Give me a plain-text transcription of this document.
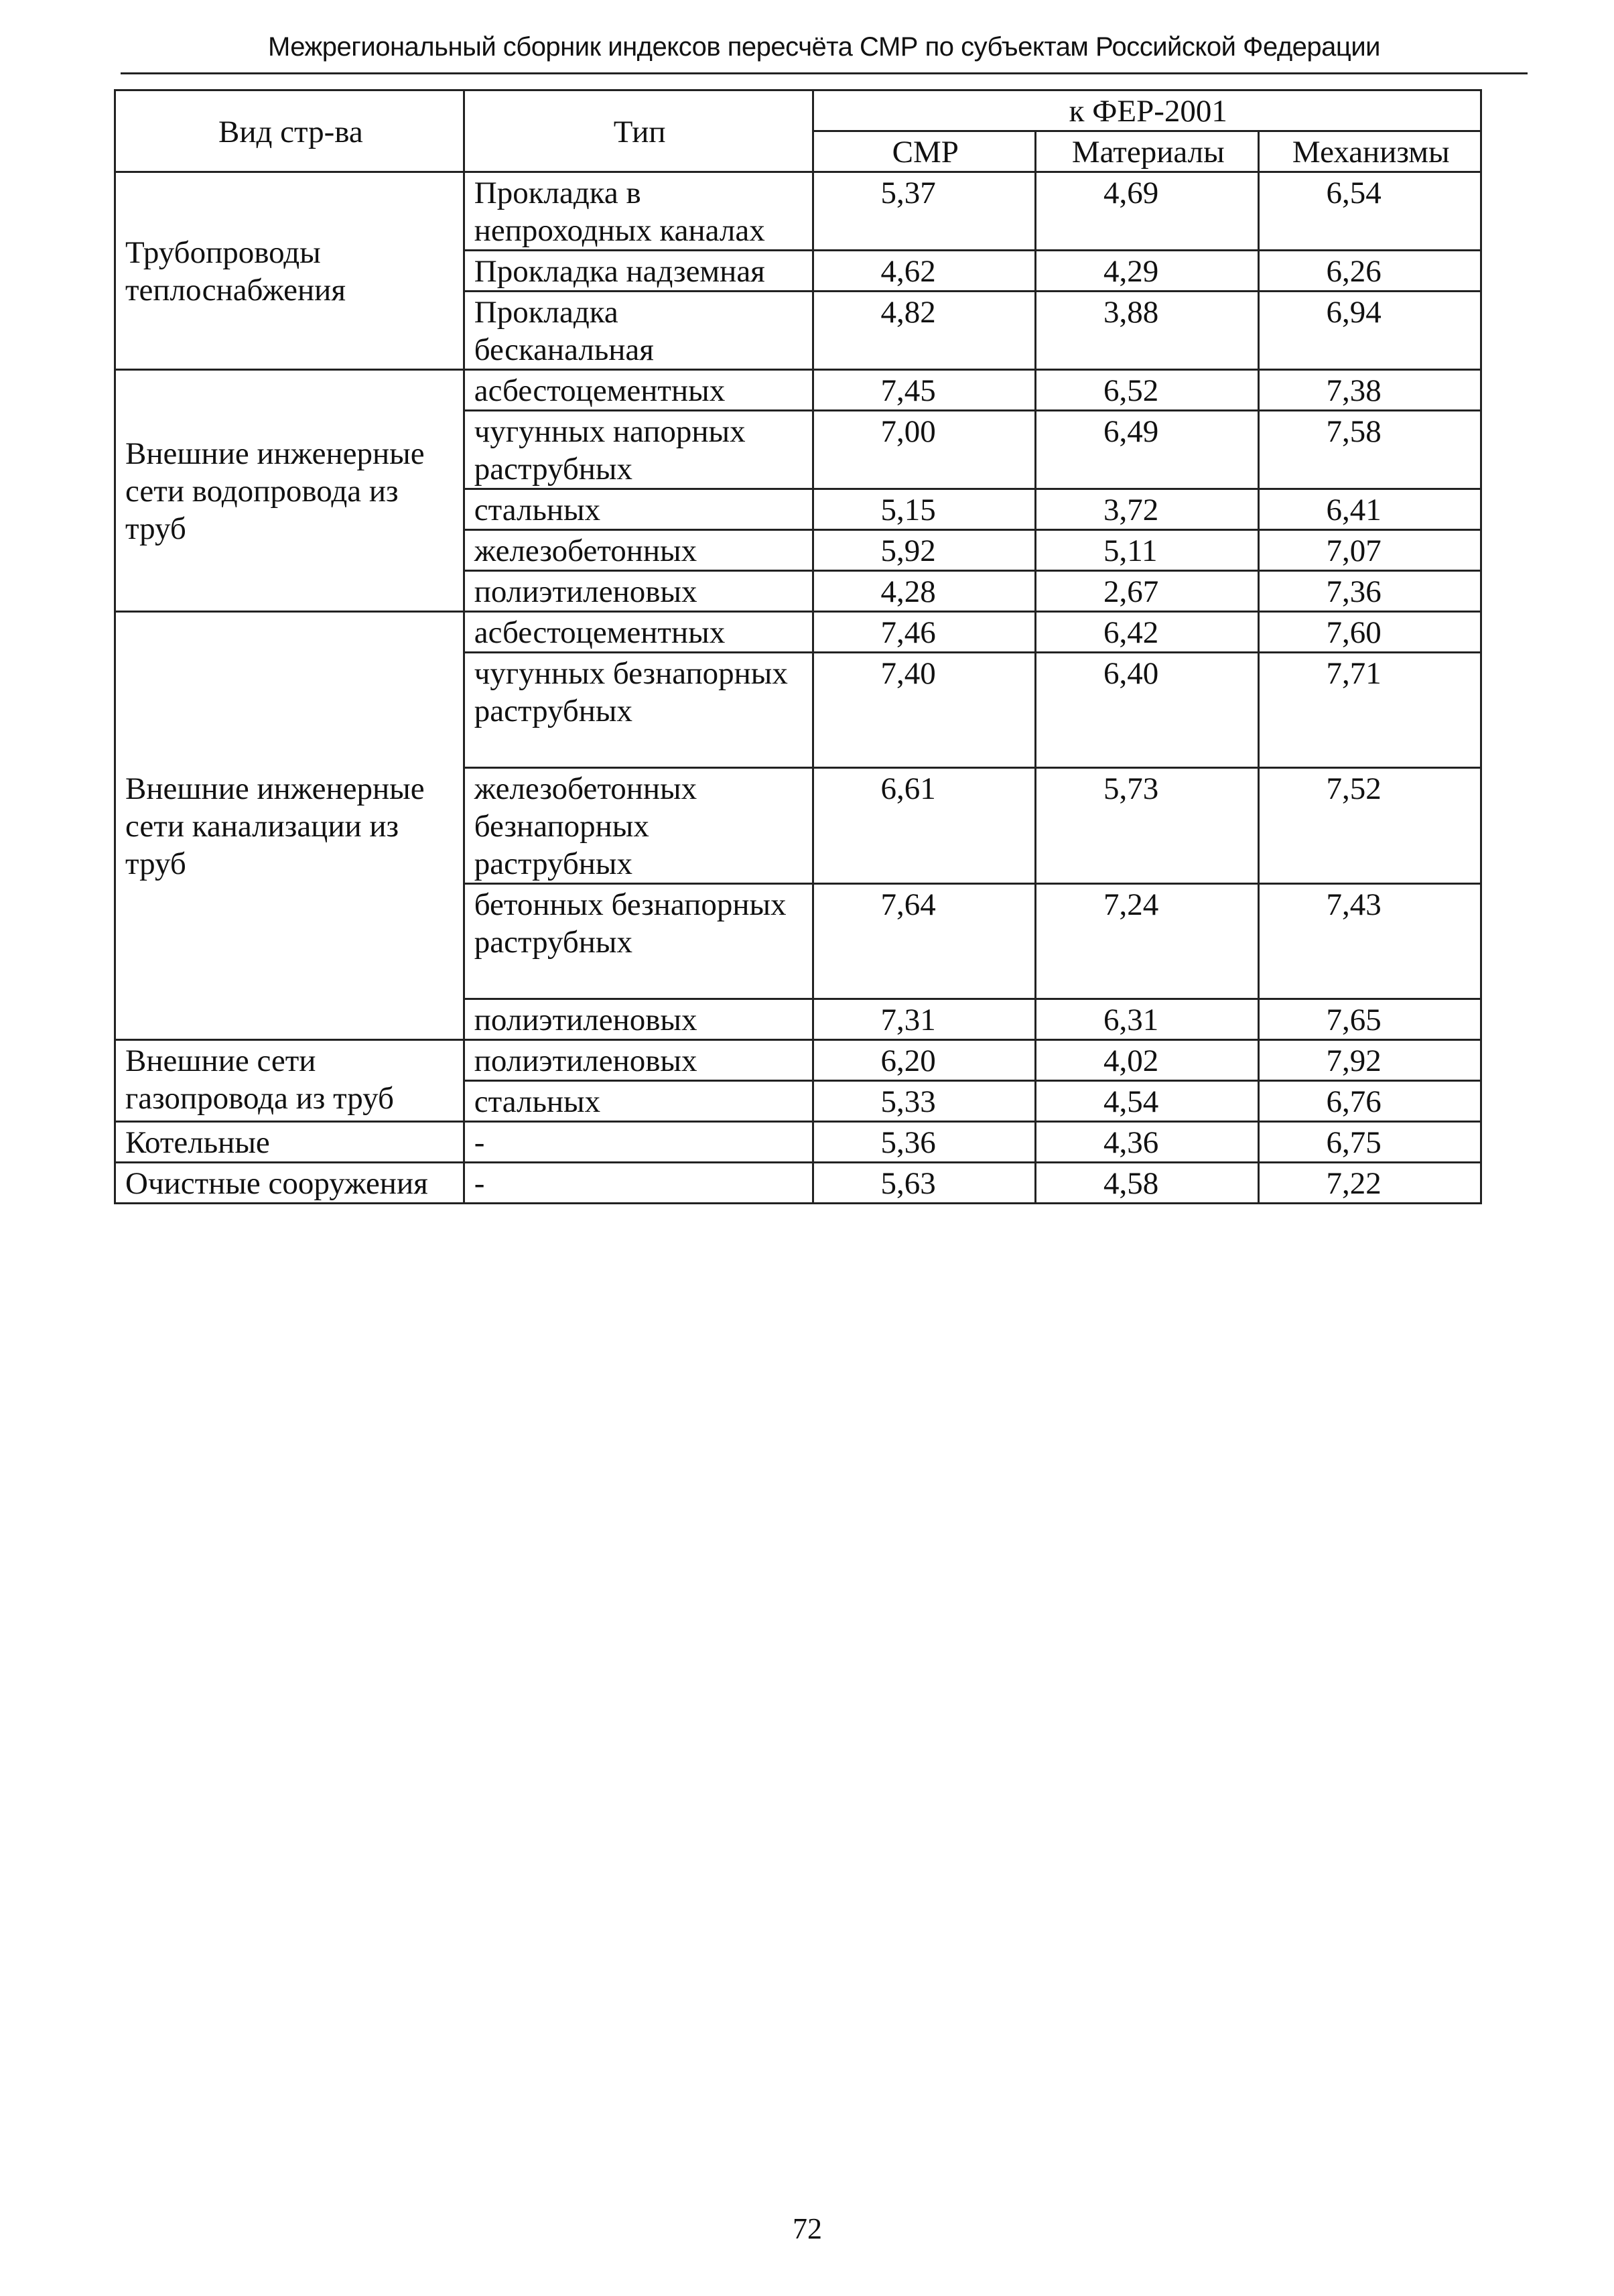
Межрегиональный сборник индексов пересчёта СМР по субъектам Российской Федерации
Вид стр-ва	Тип	к ФЕР-2001		
		СМР	Материалы	Механизмы
Трубопроводы теплоснабжения	Прокладка в непроходных каналах	5,37	4,69	6,54
	Прокладка надземная	4,62	4,29	6,26
	Прокладка бесканальная	4,82	3,88	6,94
Внешние инженерные сети водопровода из труб	асбестоцементных	7,45	6,52	7,38
	чугунных напорных раструбных	7,00	6,49	7,58
	стальных	5,15	3,72	6,41
	железобетонных	5,92	5,11	7,07
	полиэтиленовых	4,28	2,67	7,36
Внешние инженерные сети канализации из труб	асбестоцементных	7,46	6,42	7,60
	чугунных безнапорных раструбных	7,40	6,40	7,71
	железобетонных безнапорных раструбных	6,61	5,73	7,52
	бетонных безнапорных раструбных	7,64	7,24	7,43
	полиэтиленовых	7,31	6,31	7,65
Внешние сети газопровода из труб	полиэтиленовых	6,20	4,02	7,92
	стальных	5,33	4,54	6,76
Котельные	-	5,36	4,36	6,75
Очистные сооружения	-	5,63	4,58	7,22
72
